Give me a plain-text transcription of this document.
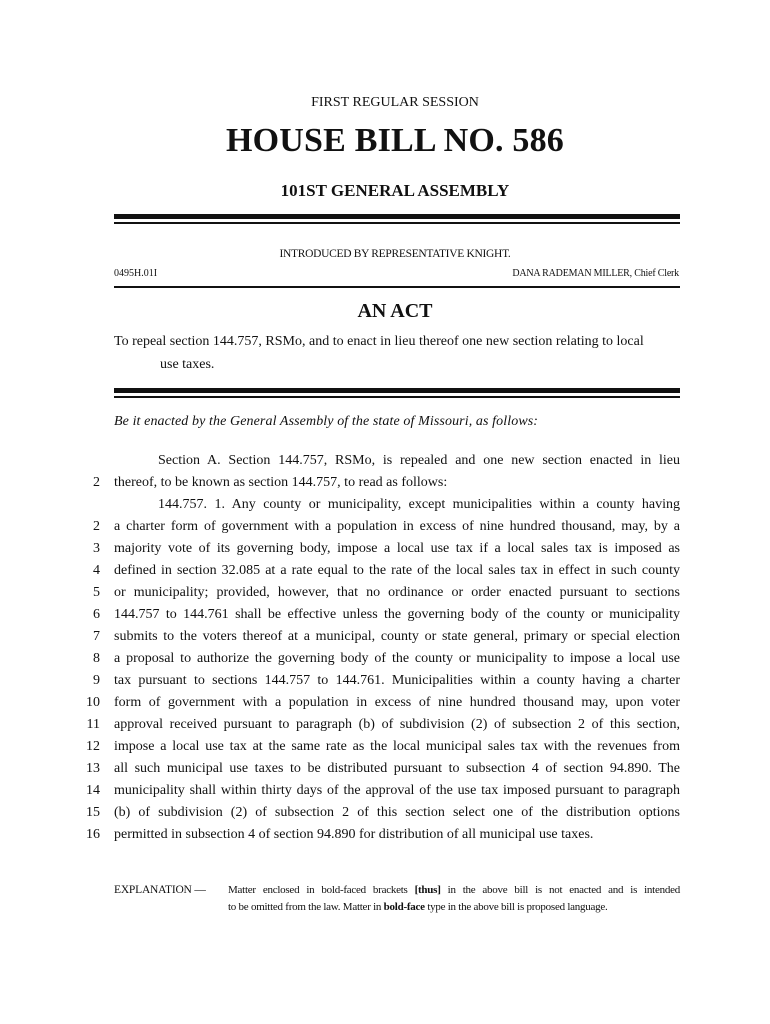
FIRST REGULAR SESSION
HOUSE BILL NO. 586
101ST GENERAL ASSEMBLY
INTRODUCED BY REPRESENTATIVE KNIGHT.
0495H.01I	DANA RADEMAN MILLER, Chief Clerk
AN ACT
To repeal section 144.757, RSMo, and to enact in lieu thereof one new section relating to local
use taxes.
Be it enacted by the General Assembly of the state of Missouri, as follows:
Section A. Section 144.757, RSMo, is repealed and one new section enacted in lieu
2 thereof, to be known as section 144.757, to read as follows:
144.757. 1. Any county or municipality, except municipalities within a county having
2 a charter form of government with a population in excess of nine hundred thousand, may, by a
3 majority vote of its governing body, impose a local use tax if a local sales tax is imposed as
4 defined in section 32.085 at a rate equal to the rate of the local sales tax in effect in such county
5 or municipality; provided, however, that no ordinance or order enacted pursuant to sections
6 144.757 to 144.761 shall be effective unless the governing body of the county or municipality
7 submits to the voters thereof at a municipal, county or state general, primary or special election
8 a proposal to authorize the governing body of the county or municipality to impose a local use
9 tax pursuant to sections 144.757 to 144.761. Municipalities within a county having a charter
10 form of government with a population in excess of nine hundred thousand may, upon voter
11 approval received pursuant to paragraph (b) of subdivision (2) of subsection 2 of this section,
12 impose a local use tax at the same rate as the local municipal sales tax with the revenues from
13 all such municipal use taxes to be distributed pursuant to subsection 4 of section 94.890. The
14 municipality shall within thirty days of the approval of the use tax imposed pursuant to paragraph
15 (b) of subdivision (2) of subsection 2 of this section select one of the distribution options
16 permitted in subsection 4 of section 94.890 for distribution of all municipal use taxes.
EXPLANATION — Matter enclosed in bold-faced brackets [thus] in the above bill is not enacted and is intended
to be omitted from the law. Matter in bold-face type in the above bill is proposed language.
